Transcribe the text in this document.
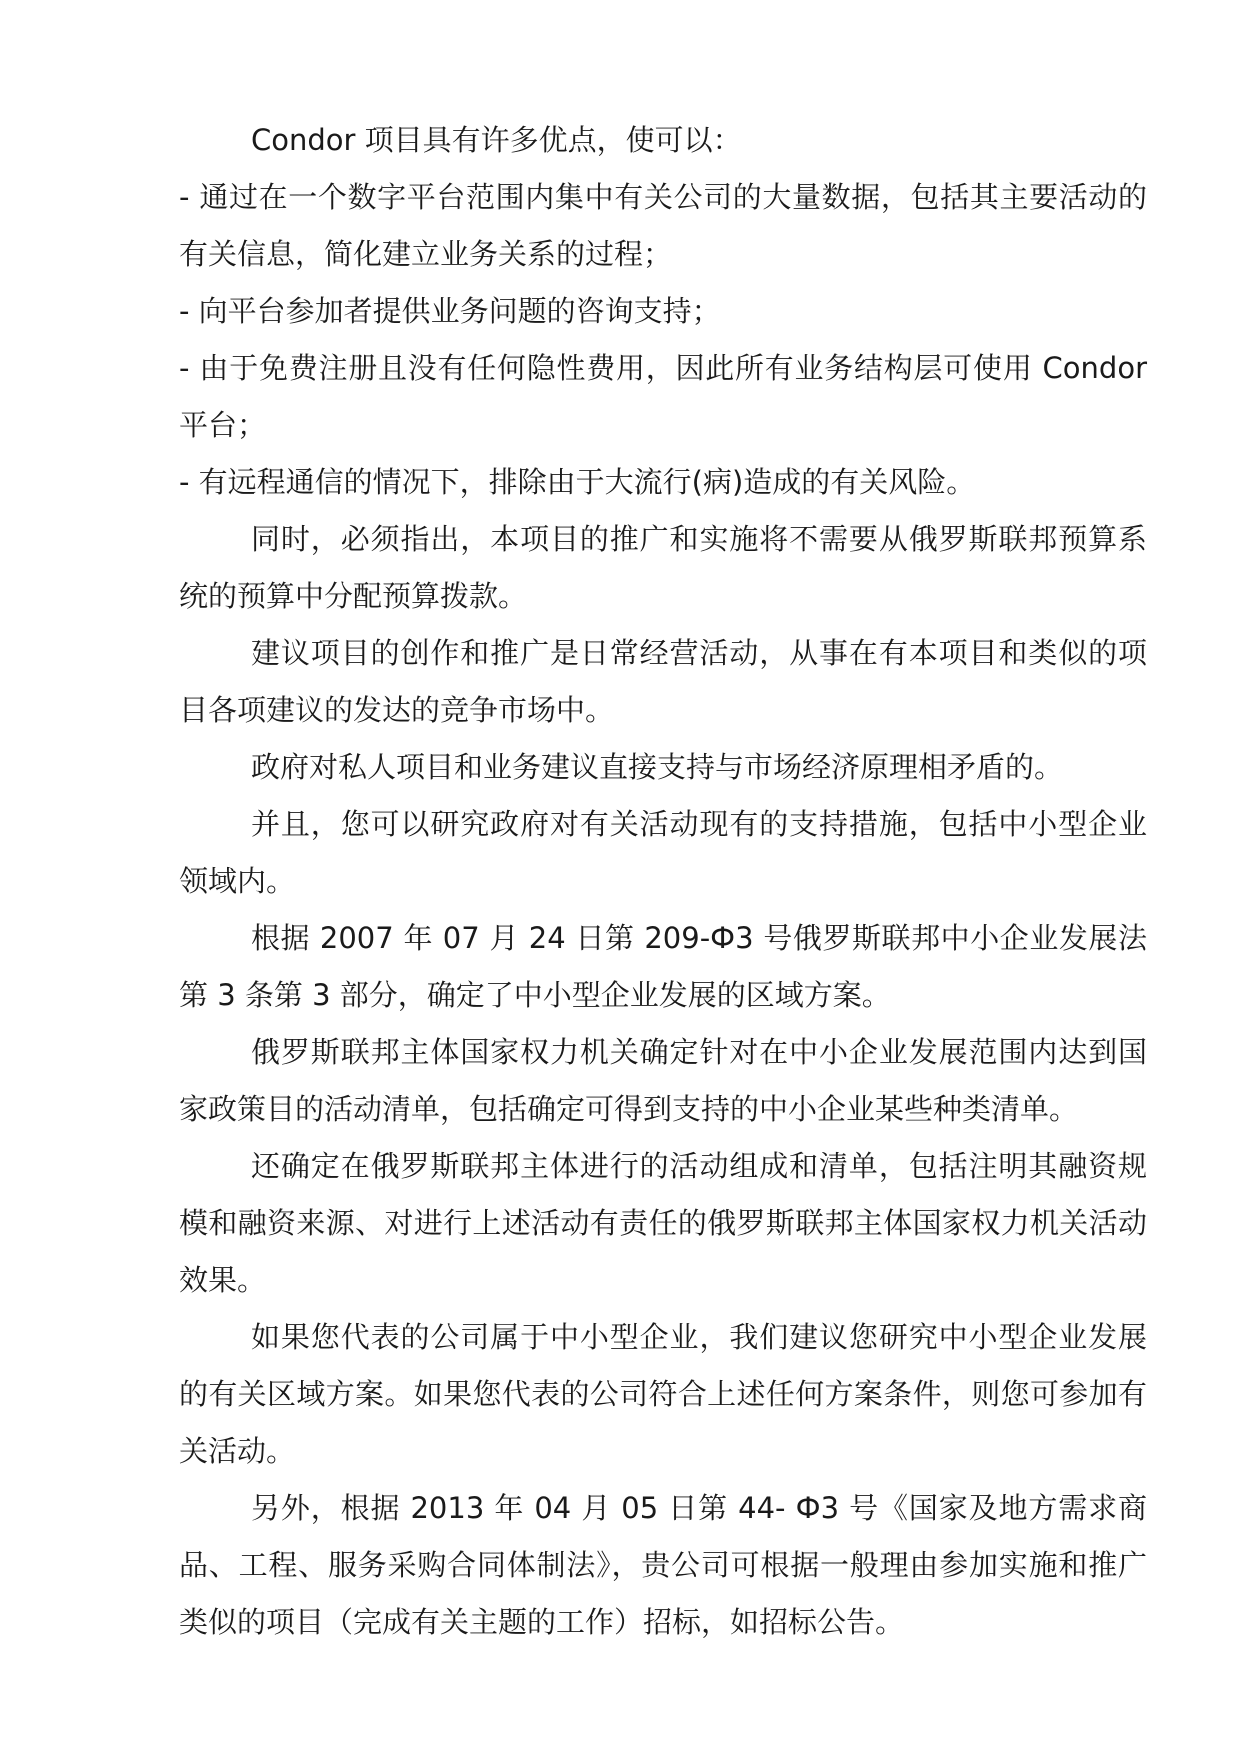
Condor 项目具有许多优点，使可以：

- 通过在一个数字平台范围内集中有关公司的大量数据，包括其主要活动的有关信息，简化建立业务关系的过程；

- 向平台参加者提供业务问题的咨询支持；

- 由于免费注册且没有任何隐性费用，因此所有业务结构层可使用 Condor 平台；

- 有远程通信的情况下，排除由于大流行(病)造成的有关风险。

同时，必须指出，本项目的推广和实施将不需要从俄罗斯联邦预算系统的预算中分配预算拨款。

建议项目的创作和推广是日常经营活动，从事在有本项目和类似的项目各项建议的发达的竞争市场中。

政府对私人项目和业务建议直接支持与市场经济原理相矛盾的。

并且，您可以研究政府对有关活动现有的支持措施，包括中小型企业领域内。

根据 2007 年 07 月 24 日第 209-Ф3 号俄罗斯联邦中小企业发展法第 3 条第 3 部分，确定了中小型企业发展的区域方案。

俄罗斯联邦主体国家权力机关确定针对在中小企业发展范围内达到国家政策目的活动清单，包括确定可得到支持的中小企业某些种类清单。

还确定在俄罗斯联邦主体进行的活动组成和清单，包括注明其融资规模和融资来源、对进行上述活动有责任的俄罗斯联邦主体国家权力机关活动效果。

如果您代表的公司属于中小型企业，我们建议您研究中小型企业发展的有关区域方案。如果您代表的公司符合上述任何方案条件，则您可参加有关活动。

另外，根据 2013 年 04 月 05 日第 44- Ф3 号《国家及地方需求商品、工程、服务采购合同体制法》，贵公司可根据一般理由参加实施和推广类似的项目（完成有关主题的工作）招标，如招标公告。
